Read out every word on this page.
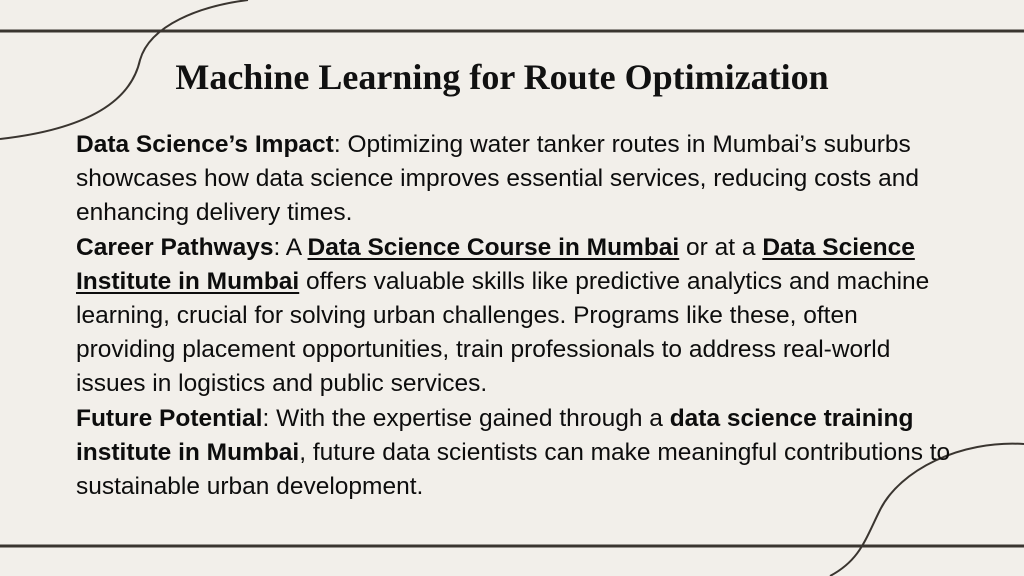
Machine Learning for Route Optimization

Data Science’s Impact: Optimizing water tanker routes in Mumbai’s suburbs showcases how data science improves essential services, reducing costs and enhancing delivery times.

Career Pathways: A Data Science Course in Mumbai or at a Data Science Institute in Mumbai offers valuable skills like predictive analytics and machine learning, crucial for solving urban challenges. Programs like these, often providing placement opportunities, train professionals to address real-world issues in logistics and public services.

Future Potential: With the expertise gained through a data science training institute in Mumbai, future data scientists can make meaningful contributions to sustainable urban development.
